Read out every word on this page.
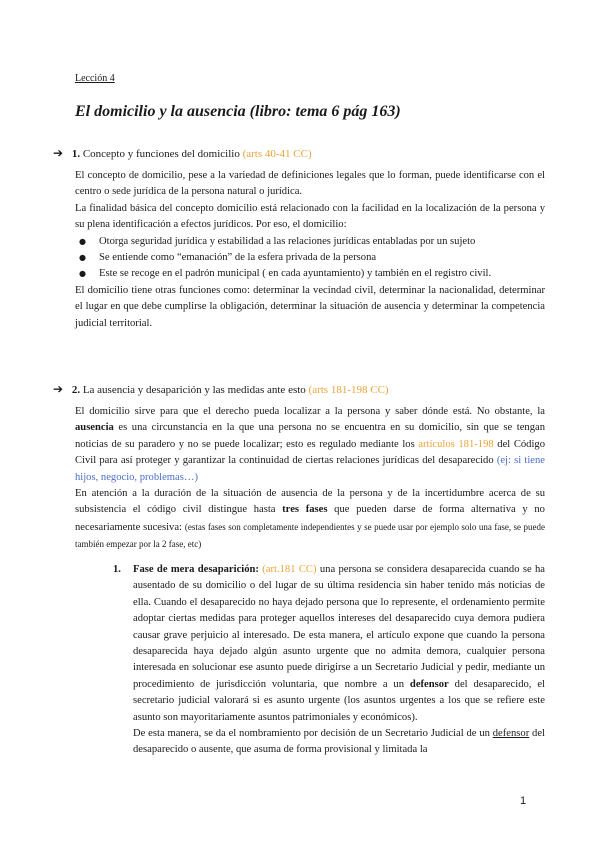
Lección 4
El domicilio y la ausencia (libro: tema 6 pág 163)
➔ 1. Concepto y funciones del domicilio (arts 40-41 CC)
El concepto de domicilio, pese a la variedad de definiciones legales que lo forman, puede identificarse con el centro o sede jurídica de la persona natural o jurídica.
La finalidad básica del concepto domicilio está relacionado con la facilidad en la localización de la persona y su plena identificación a efectos jurídicos. Por eso, el domicilio:
● Otorga seguridad jurídica y estabilidad a las relaciones jurídicas entabladas por un sujeto
● Se entiende como “emanación” de la esfera privada de la persona
● Este se recoge en el padrón municipal ( en cada ayuntamiento) y también en el registro civil.
El domicilio tiene otras funciones como: determinar la vecindad civil, determinar la nacionalidad, determinar el lugar en que debe cumplirse la obligación, determinar la situación de ausencia y determinar la competencia judicial territorial.
➔ 2. La ausencia y desaparición y las medidas ante esto (arts 181-198 CC)
El domicilio sirve para que el derecho pueda localizar a la persona y saber dónde está. No obstante, la ausencia es una circunstancia en la que una persona no se encuentra en su domicilio, sin que se tengan noticias de su paradero y no se puede localizar; esto es regulado mediante los artículos 181-198 del Código Civil para así proteger y garantizar la continuidad de ciertas relaciones jurídicas del desaparecido (ej: si tiene hijos, negocio, problemas…)
En atención a la duración de la situación de ausencia de la persona y de la incertidumbre acerca de su subsistencia el código civil distingue hasta tres fases que pueden darse de forma alternativa y no necesariamente sucesiva: (estas fases son completamente independientes y se puede usar por ejemplo solo una fase, se puede también empezar por la 2 fase, etc)
1. Fase de mera desaparición: (art.181 CC) una persona se considera desaparecida cuando se ha ausentado de su domicilio o del lugar de su última residencia sin haber tenido más noticias de ella. Cuando el desaparecido no haya dejado persona que lo represente, el ordenamiento permite adoptar ciertas medidas para proteger aquellos intereses del desaparecido cuya demora pudiera causar grave perjuicio al interesado. De esta manera, el artículo expone que cuando la persona desaparecida haya dejado algún asunto urgente que no admita demora, cualquier persona interesada en solucionar ese asunto puede dirigirse a un Secretario Judicial y pedir, mediante un procedimiento de jurisdicción voluntaria, que nombre a un defensor del desaparecido, el secretario judicial valorará si es asunto urgente (los asuntos urgentes a los que se refiere este asunto son mayoritariamente asuntos patrimoniales y económicos).
De esta manera, se da el nombramiento por decisión de un Secretario Judicial de un defensor del desaparecido o ausente, que asuma de forma provisional y limitada la
1
